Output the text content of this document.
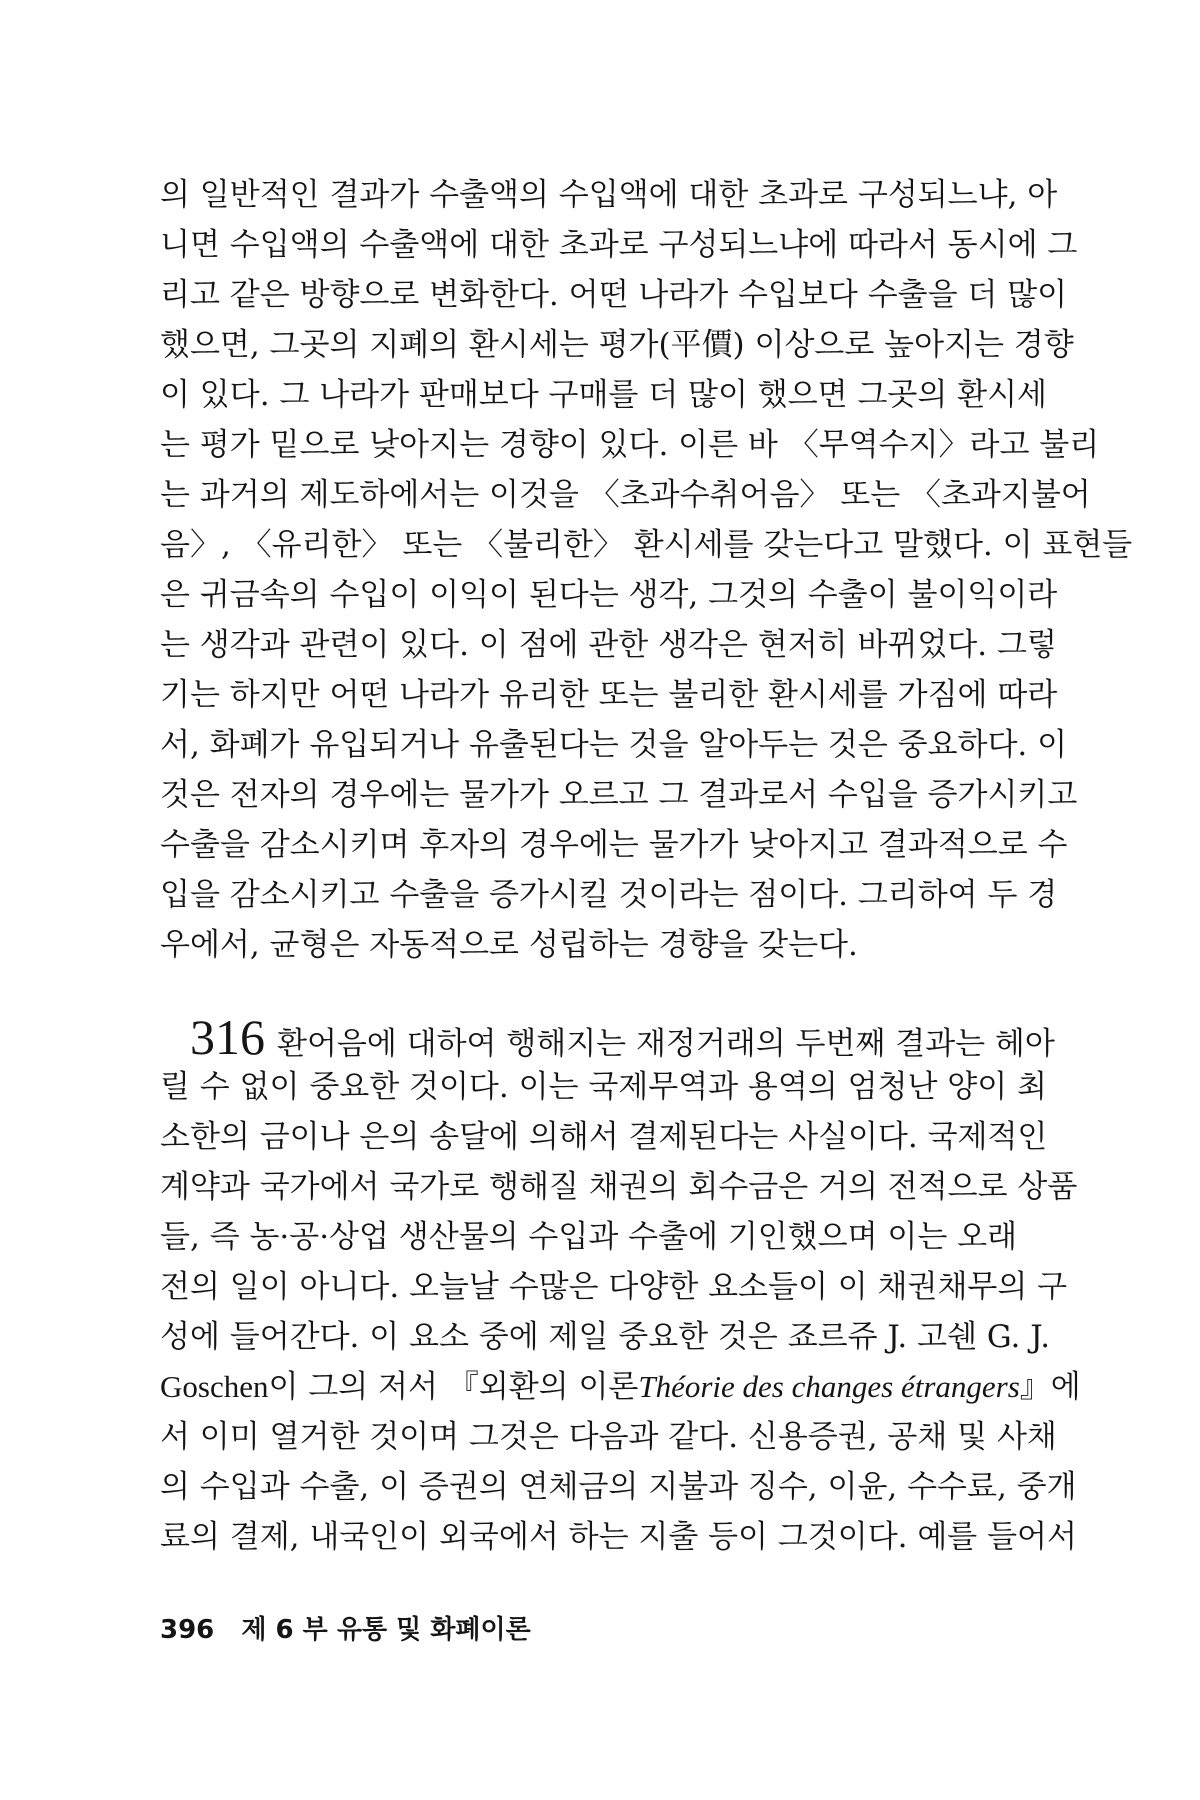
의 일반적인 결과가 수출액의 수입액에 대한 초과로 구성되느냐, 아
니면 수입액의 수출액에 대한 초과로 구성되느냐에 따라서 동시에 그
리고 같은 방향으로 변화한다. 어떤 나라가 수입보다 수출을 더 많이
했으면, 그곳의 지폐의 환시세는 평가(平價) 이상으로 높아지는 경향
이 있다. 그 나라가 판매보다 구매를 더 많이 했으면 그곳의 환시세
는 평가 밑으로 낮아지는 경향이 있다. 이른 바 〈무역수지〉라고 불리
는 과거의 제도하에서는 이것을 〈초과수취어음〉 또는 〈초과지불어
음〉, 〈유리한〉 또는 〈불리한〉 환시세를 갖는다고 말했다. 이 표현들
은 귀금속의 수입이 이익이 된다는 생각, 그것의 수출이 불이익이라
는 생각과 관련이 있다. 이 점에 관한 생각은 현저히 바뀌었다. 그렇
기는 하지만 어떤 나라가 유리한 또는 불리한 환시세를 가짐에 따라
서, 화폐가 유입되거나 유출된다는 것을 알아두는 것은 중요하다. 이
것은 전자의 경우에는 물가가 오르고 그 결과로서 수입을 증가시키고
수출을 감소시키며 후자의 경우에는 물가가 낮아지고 결과적으로 수
입을 감소시키고 수출을 증가시킬 것이라는 점이다. 그리하여 두 경
우에서, 균형은 자동적으로 성립하는 경향을 갖는다.
316 환어음에 대하여 행해지는 재정거래의 두번째 결과는 헤아
릴 수 없이 중요한 것이다. 이는 국제무역과 용역의 엄청난 양이 최
소한의 금이나 은의 송달에 의해서 결제된다는 사실이다. 국제적인
계약과 국가에서 국가로 행해질 채권의 회수금은 거의 전적으로 상품
들, 즉 농·공·상업 생산물의 수입과 수출에 기인했으며 이는 오래
전의 일이 아니다. 오늘날 수많은 다양한 요소들이 이 채권채무의 구
성에 들어간다. 이 요소 중에 제일 중요한 것은 죠르쥬 J. 고쉔 G. J.
Goschen이 그의 저서 『외환의 이론Théorie des changes étrangers』에
서 이미 열거한 것이며 그것은 다음과 같다. 신용증권, 공채 및 사채
의 수입과 수출, 이 증권의 연체금의 지불과 징수, 이윤, 수수료, 중개
료의 결제, 내국인이 외국에서 하는 지출 등이 그것이다. 예를 들어서
396 제 6 부 유통 및 화폐이론
